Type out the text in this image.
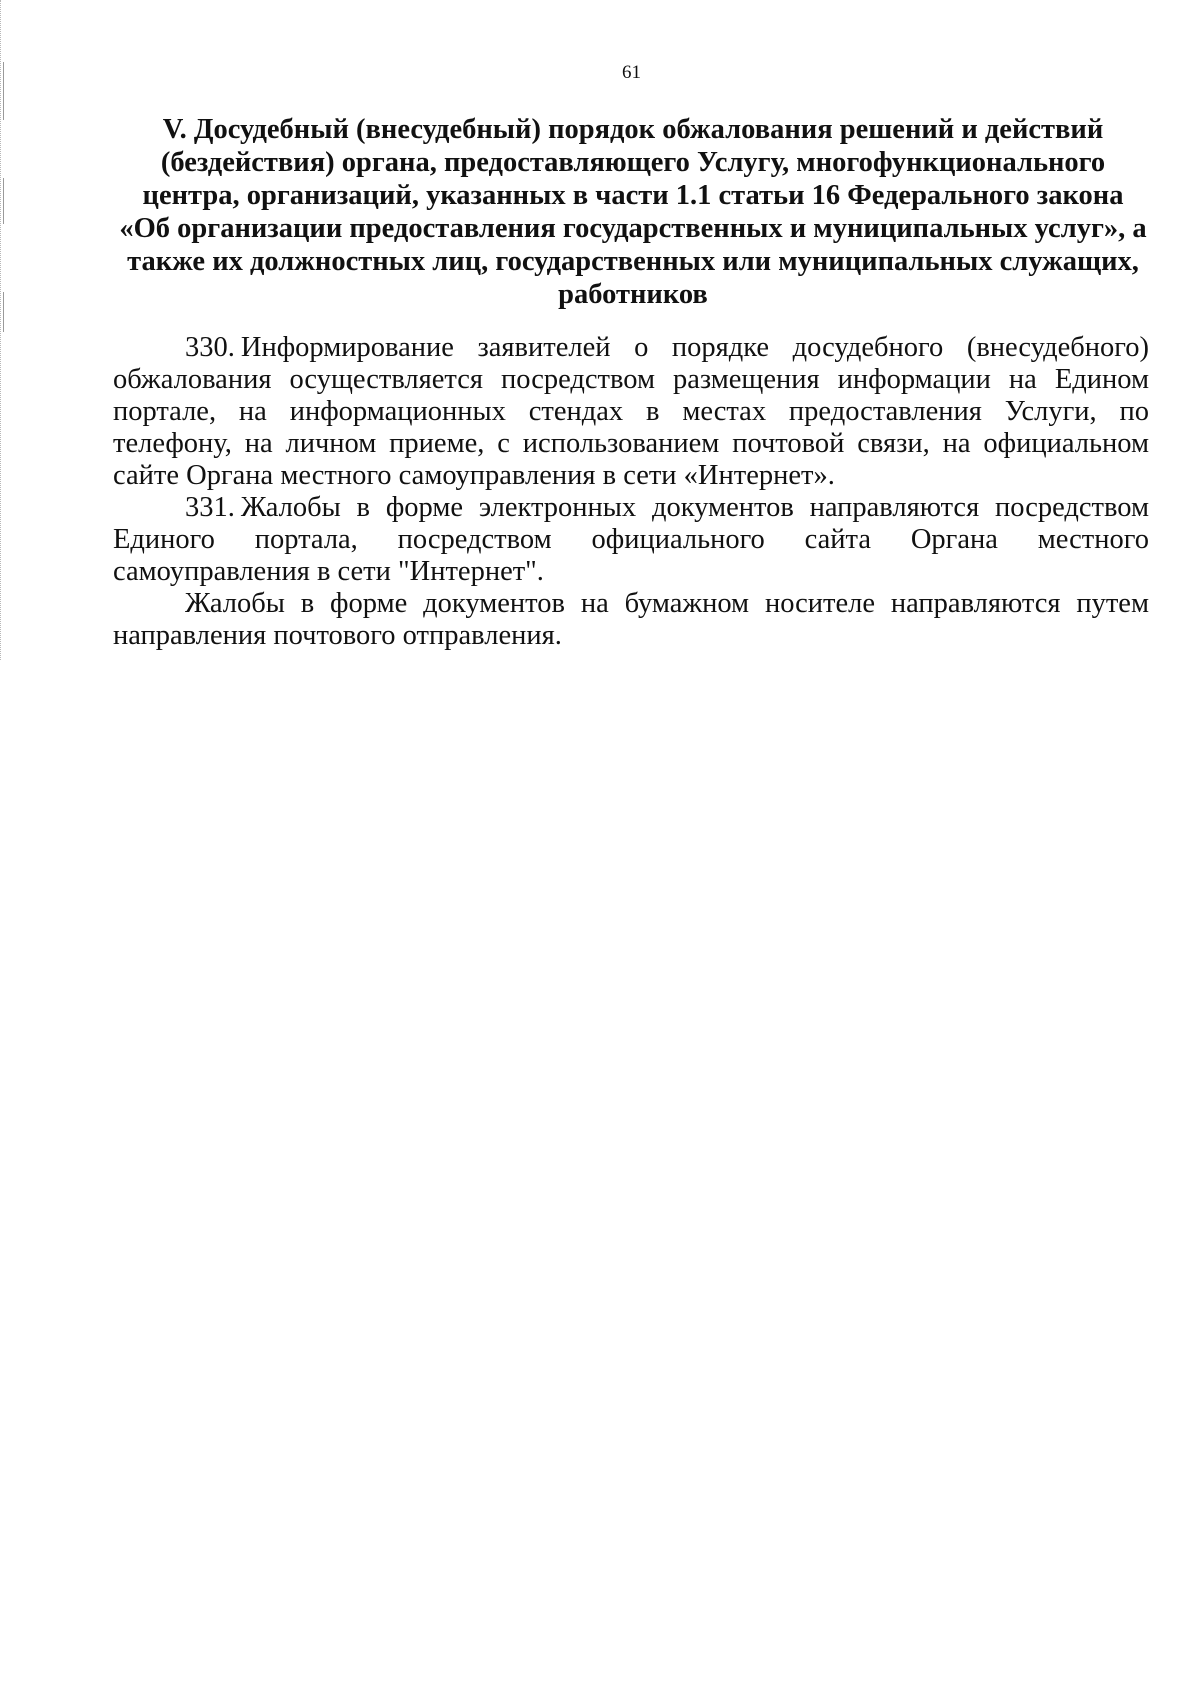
61
V. Досудебный (внесудебный) порядок обжалования решений и действий (бездействия) органа, предоставляющего Услугу, многофункционального центра, организаций, указанных в части 1.1 статьи 16 Федерального закона «Об организации предоставления государственных и муниципальных услуг», а также их должностных лиц, государственных или муниципальных служащих, работников

330. Информирование заявителей о порядке досудебного (внесудебного) обжалования осуществляется посредством размещения информации на Едином портале, на информационных стендах в местах предоставления Услуги, по телефону, на личном приеме, с использованием почтовой связи, на официальном сайте Органа местного самоуправления в сети «Интернет».

331. Жалобы в форме электронных документов направляются посредством Единого портала, посредством официального сайта Органа местного самоуправления в сети "Интернет".

Жалобы в форме документов на бумажном носителе направляются путем направления почтового отправления.
